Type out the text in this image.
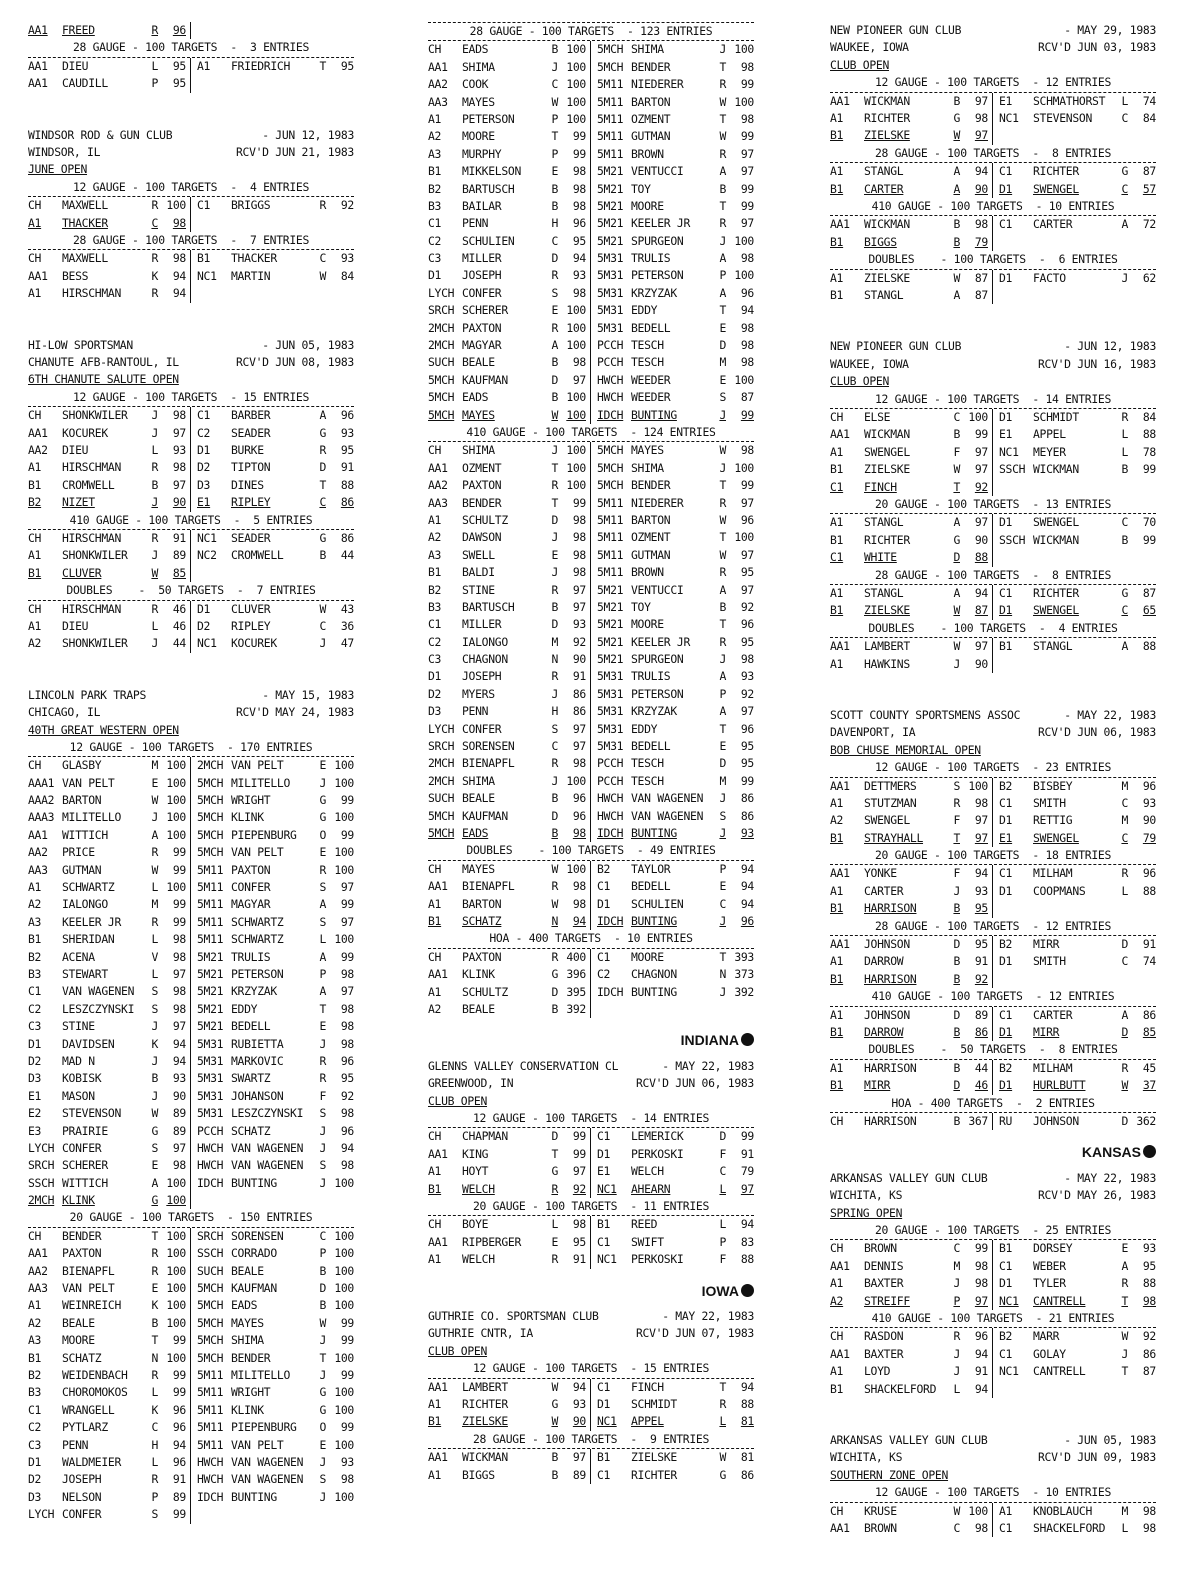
AA1	FREED	R	96
28 GAUGE - 100 TARGETS  -  3 ENTRIES
AA1	DIEU	L	95 A1	FRIEDRICH	T	95
AA1	CAUDILL	P	95
WINDSOR ROD & GUN CLUB	- JUN 12, 1983
WINDSOR, IL	RCV'D JUN 21, 1983
JUNE OPEN
12 GAUGE - 100 TARGETS  -  4 ENTRIES
CH	MAXWELL	R 100 C1	BRIGGS	R	92
A1	THACKER	C	98
28 GAUGE - 100 TARGETS  -  7 ENTRIES
CH	MAXWELL	R	98 B1	THACKER	C	93
AA1	BESS	K	94 NC1	MARTIN	W	84
A1	HIRSCHMAN	R	94
HI-LOW SPORTSMAN	- JUN 05, 1983
CHANUTE AFB-RANTOUL, IL	RCV'D JUN 08, 1983
6TH CHANUTE SALUTE OPEN
12 GAUGE - 100 TARGETS  - 15 ENTRIES
CH	SHONKWILER	J	98 C1	BARBER	A	96
AA1	KOCUREK	J	97 C2	SEADER	G	93
AA2	DIEU	L	93 D1	BURKE	R	95
A1	HIRSCHMAN	R	98 D2	TIPTON	D	91
B1	CROMWELL	B	97 D3	DINES	T	88
B2	NIZET	J	90 E1	RIPLEY	C	86
410 GAUGE - 100 TARGETS  -  5 ENTRIES
CH	HIRSCHMAN	R	91 NC1	SEADER	G	86
A1	SHONKWILER	J	89 NC2	CROMWELL	B	44
B1	CLUVER	W	85
DOUBLES    -  50 TARGETS  -  7 ENTRIES
CH	HIRSCHMAN	R	46 D1	CLUVER	W	43
A1	DIEU	L	46 D2	RIPLEY	C	36
A2	SHONKWILER	J	44 NC1	KOCUREK	J	47
LINCOLN PARK TRAPS	- MAY 15, 1983
CHICAGO, IL	RCV'D MAY 24, 1983
40TH GREAT WESTERN OPEN
12 GAUGE - 100 TARGETS  - 170 ENTRIES
CH	GLASBY	M 100 2MCH VAN PELT	E 100
AAA1 VAN PELT	E 100 5MCH MILITELLO	J 100
AAA2 BARTON	W 100 5MCH WRIGHT	G	99
AAA3 MILITELLO	J 100 5MCH KLINK	G 100
AA1	WITTICH	A 100 5MCH PIEPENBURG	O	99
AA2	PRICE	R	99 5MCH VAN PELT	E 100
AA3	GUTMAN	W	99 5M11 PAXTON	R 100
A1	SCHWARTZ	L 100 5M11 CONFER	S	97
A2	IALONGO	M	99 5M11 MAGYAR	A	99
A3	KEELER JR	R	99 5M11 SCHWARTZ	S	97
B1	SHERIDAN	L	98 5M11 SCHWARTZ	L 100
B2	ACENA	V	98 5M21 TRULIS	A	99
B3	STEWART	L	97 5M21 PETERSON	P	98
C1	VAN WAGENEN	S	98 5M21 KRZYZAK	A	97
C2	LESZCZYNSKI	S	98 5M21 EDDY	T	98
C3	STINE	J	97 5M21 BEDELL	E	98
D1	DAVIDSEN	K	94 5M31 RUBIETTA	J	98
D2	MAD N	J	94 5M31 MARKOVIC	R	96
D3	KOBISK	B	93 5M31 SWARTZ	R	95
E1	MASON	J	90 5M31 JOHANSON	F	92
E2	STEVENSON	W	89 5M31 LESZCZYNSKI	S	98
E3	PRAIRIE	G	89 PCCH SCHATZ	J	96
LYCH CONFER	S	97 HWCH VAN WAGENEN	J	94
SRCH SCHERER	E	98 HWCH VAN WAGENEN	S	98
SSCH WITTICH	A 100 IDCH BUNTING	J 100
2MCH KLINK	G 100
20 GAUGE - 100 TARGETS  - 150 ENTRIES
CH	BENDER	T 100 SRCH SORENSEN	C 100
AA1	PAXTON	R 100 SSCH CORRADO	P 100
AA2	BIENAPFL	R 100 SUCH BEALE	B 100
AA3	VAN PELT	E 100 5MCH KAUFMAN	D 100
A1	WEINREICH	K 100 5MCH EADS	B 100
A2	BEALE	B 100 5MCH MAYES	W	99
A3	MOORE	T	99 5MCH SHIMA	J	99
B1	SCHATZ	N 100 5MCH BENDER	T 100
B2	WEIDENBACH	R	99 5M11 MILITELLO	J	99
B3	CHOROMOKOS	L	99 5M11 WRIGHT	G 100
C1	WRANGELL	K	96 5M11 KLINK	G 100
C2	PYTLARZ	C	96 5M11 PIEPENBURG	O	99
C3	PENN	H	94 5M11 VAN PELT	E 100
D1	WALDMEIER	L	96 HWCH VAN WAGENEN	J	93
D2	JOSEPH	R	91 HWCH VAN WAGENEN	S	98
D3	NELSON	P	89 IDCH BUNTING	J 100
LYCH CONFER	S	99
28 GAUGE - 100 TARGETS  - 123 ENTRIES
CH	EADS	B 100 5MCH SHIMA	J 100
AA1	SHIMA	J 100 5MCH BENDER	T	98
AA2	COOK	C 100 5M11 NIEDERER	R	99
AA3	MAYES	W 100 5M11 BARTON	W 100
A1	PETERSON	P 100 5M11 OZMENT	T	98
A2	MOORE	T	99 5M11 GUTMAN	W	99
A3	MURPHY	P	99 5M11 BROWN	R	97
B1	MIKKELSON	E	98 5M21 VENTUCCI	A	97
B2	BARTUSCH	B	98 5M21 TOY	B	99
B3	BAILAR	B	98 5M21 MOORE	T	99
C1	PENN	H	96 5M21 KEELER JR	R	97
C2	SCHULIEN	C	95 5M21 SPURGEON	J 100
C3	MILLER	D	94 5M31 TRULIS	A	98
D1	JOSEPH	R	93 5M31 PETERSON	P 100
LYCH CONFER	S	98 5M31 KRZYZAK	A	96
SRCH SCHERER	E 100 5M31 EDDY	T	94
2MCH PAXTON	R 100 5M31 BEDELL	E	98
2MCH MAGYAR	A 100 PCCH TESCH	D	98
SUCH BEALE	B	98 PCCH TESCH	M	98
5MCH KAUFMAN	D	97 HWCH WEEDER	E 100
5MCH EADS	B 100 HWCH WEEDER	S	87
5MCH MAYES	W 100 IDCH BUNTING	J	99
410 GAUGE - 100 TARGETS  - 124 ENTRIES
CH	SHIMA	J 100 5MCH MAYES	W	98
AA1	OZMENT	T 100 5MCH SHIMA	J 100
AA2	PAXTON	R 100 5MCH BENDER	T	99
AA3	BENDER	T	99 5M11 NIEDERER	R	97
A1	SCHULTZ	D	98 5M11 BARTON	W	96
A2	DAWSON	J	98 5M11 OZMENT	T 100
A3	SWELL	E	98 5M11 GUTMAN	W	97
B1	BALDI	J	98 5M11 BROWN	R	95
B2	STINE	R	97 5M21 VENTUCCI	A	97
B3	BARTUSCH	B	97 5M21 TOY	B	92
C1	MILLER	D	93 5M21 MOORE	T	96
C2	IALONGO	M	92 5M21 KEELER JR	R	95
C3	CHAGNON	N	90 5M21 SPURGEON	J	98
D1	JOSEPH	R	91 5M31 TRULIS	A	93
D2	MYERS	J	86 5M31 PETERSON	P	92
D3	PENN	H	86 5M31 KRZYZAK	A	97
LYCH CONFER	S	97 5M31 EDDY	T	96
SRCH SORENSEN	C	97 5M31 BEDELL	E	95
2MCH BIENAPFL	R	98 PCCH TESCH	D	95
2MCH SHIMA	J 100 PCCH TESCH	M	99
SUCH BEALE	B	96 HWCH VAN WAGENEN	J	86
5MCH KAUFMAN	D	96 HWCH VAN WAGENEN	S	86
5MCH EADS	B	98 IDCH BUNTING	J	93
DOUBLES    - 100 TARGETS  - 49 ENTRIES
CH	MAYES	W 100 B2	TAYLOR	P	94
AA1	BIENAPFL	R	98 C1	BEDELL	E	94
A1	BARTON	W	98 D1	SCHULIEN	C	94
B1	SCHATZ	N	94 IDCH BUNTING	J	96
HOA - 400 TARGETS  - 10 ENTRIES
CH	PAXTON	R 400 C1	MOORE	T 393
AA1	KLINK	G 396 C2	CHAGNON	N 373
A1	SCHULTZ	D 395 IDCH BUNTING	J 392
A2	BEALE	B 392
INDIANA
GLENNS VALLEY CONSERVATION CL	- MAY 22, 1983
GREENWOOD, IN	RCV'D JUN 06, 1983
CLUB OPEN
12 GAUGE - 100 TARGETS  - 14 ENTRIES
CH	CHAPMAN	D	99 C1	LEMERICK	D	99
AA1	KING	T	99 D1	PERKOSKI	F	91
A1	HOYT	G	97 E1	WELCH	C	79
B1	WELCH	R	92 NC1	AHEARN	L	97
20 GAUGE - 100 TARGETS  - 11 ENTRIES
CH	BOYE	L	98 B1	REED	L	94
AA1	RIPBERGER	E	95 C1	SWIFT	P	83
A1	WELCH	R	91 NC1	PERKOSKI	F	88
IOWA
GUTHRIE CO. SPORTSMAN CLUB	- MAY 22, 1983
GUTHRIE CNTR, IA	RCV'D JUN 07, 1983
CLUB OPEN
12 GAUGE - 100 TARGETS  - 15 ENTRIES
AA1	LAMBERT	W	94 C1	FINCH	T	94
A1	RICHTER	G	93 D1	SCHMIDT	R	88
B1	ZIELSKE	W	90 NC1	APPEL	L	81
28 GAUGE - 100 TARGETS  -  9 ENTRIES
AA1	WICKMAN	B	97 B1	ZIELSKE	W	81
A1	BIGGS	B	89 C1	RICHTER	G	86
NEW PIONEER GUN CLUB	- MAY 29, 1983
WAUKEE, IOWA	RCV'D JUN 03, 1983
CLUB OPEN
12 GAUGE - 100 TARGETS  - 12 ENTRIES
AA1	WICKMAN	B	97 E1	SCHMATHORST	L	74
A1	RICHTER	G	98 NC1	STEVENSON	C	84
B1	ZIELSKE	W	97
28 GAUGE - 100 TARGETS  -  8 ENTRIES
A1	STANGL	A	94 C1	RICHTER	G	87
B1	CARTER	A	90 D1	SWENGEL	C	57
410 GAUGE - 100 TARGETS  - 10 ENTRIES
AA1	WICKMAN	B	98 C1	CARTER	A	72
B1	BIGGS	B	79
DOUBLES    - 100 TARGETS  -  6 ENTRIES
A1	ZIELSKE	W	87 D1	FACTO	J	62
B1	STANGL	A	87
NEW PIONEER GUN CLUB	- JUN 12, 1983
WAUKEE, IOWA	RCV'D JUN 16, 1983
CLUB OPEN
12 GAUGE - 100 TARGETS  - 14 ENTRIES
CH	ELSE	C 100 D1	SCHMIDT	R	84
AA1	WICKMAN	B	99 E1	APPEL	L	88
A1	SWENGEL	F	97 NC1	MEYER	L	78
B1	ZIELSKE	W	97 SSCH WICKMAN	B	99
C1	FINCH	T	92
20 GAUGE - 100 TARGETS  - 13 ENTRIES
A1	STANGL	A	97 D1	SWENGEL	C	70
B1	RICHTER	G	90 SSCH WICKMAN	B	99
C1	WHITE	D	88
28 GAUGE - 100 TARGETS  -  8 ENTRIES
A1	STANGL	A	94 C1	RICHTER	G	87
B1	ZIELSKE	W	87 D1	SWENGEL	C	65
DOUBLES    - 100 TARGETS  -  4 ENTRIES
AA1	LAMBERT	W	97 B1	STANGL	A	88
A1	HAWKINS	J	90
SCOTT COUNTY SPORTSMENS ASSOC	- MAY 22, 1983
DAVENPORT, IA	RCV'D JUN 06, 1983
BOB CHUSE MEMORIAL OPEN
12 GAUGE - 100 TARGETS  - 23 ENTRIES
AA1	DETTMERS	S 100 B2	BISBEY	M	96
A1	STUTZMAN	R	98 C1	SMITH	C	93
A2	SWENGEL	F	97 D1	RETTIG	M	90
B1	STRAYHALL	T	97 E1	SWENGEL	C	79
20 GAUGE - 100 TARGETS  - 18 ENTRIES
AA1	YONKE	F	94 C1	MILHAM	R	96
A1	CARTER	J	93 D1	COOPMANS	L	88
B1	HARRISON	B	95
28 GAUGE - 100 TARGETS  - 12 ENTRIES
AA1	JOHNSON	D	95 B2	MIRR	D	91
A1	DARROW	B	91 D1	SMITH	C	74
B1	HARRISON	B	92
410 GAUGE - 100 TARGETS  - 12 ENTRIES
A1	JOHNSON	D	89 C1	CARTER	A	86
B1	DARROW	B	86 D1	MIRR	D	85
DOUBLES    -  50 TARGETS  -  8 ENTRIES
A1	HARRISON	B	44 B2	MILHAM	R	45
B1	MIRR	D	46 D1	HURLBUTT	W	37
HOA - 400 TARGETS  -  2 ENTRIES
CH	HARRISON	B 367 RU	JOHNSON	D 362
KANSAS
ARKANSAS VALLEY GUN CLUB	- MAY 22, 1983
WICHITA, KS	RCV'D MAY 26, 1983
SPRING OPEN
20 GAUGE - 100 TARGETS  - 25 ENTRIES
CH	BROWN	C	99 B1	DORSEY	E	93
AA1	DENNIS	M	98 C1	WEBER	A	95
A1	BAXTER	J	98 D1	TYLER	R	88
A2	STREIFF	P	97 NC1	CANTRELL	T	98
410 GAUGE - 100 TARGETS  - 21 ENTRIES
CH	RASDON	R	96 B2	MARR	W	92
AA1	BAXTER	J	94 C1	GOLAY	J	86
A1	LOYD	J	91 NC1	CANTRELL	T	87
B1	SHACKELFORD	L	94
ARKANSAS VALLEY GUN CLUB	- JUN 05, 1983
WICHITA, KS	RCV'D JUN 09, 1983
SOUTHERN ZONE OPEN
12 GAUGE - 100 TARGETS  - 10 ENTRIES
CH	KRUSE	W 100 A1	KNOBLAUCH	M	98
AA1	BROWN	C	98 C1	SHACKELFORD	L	98
